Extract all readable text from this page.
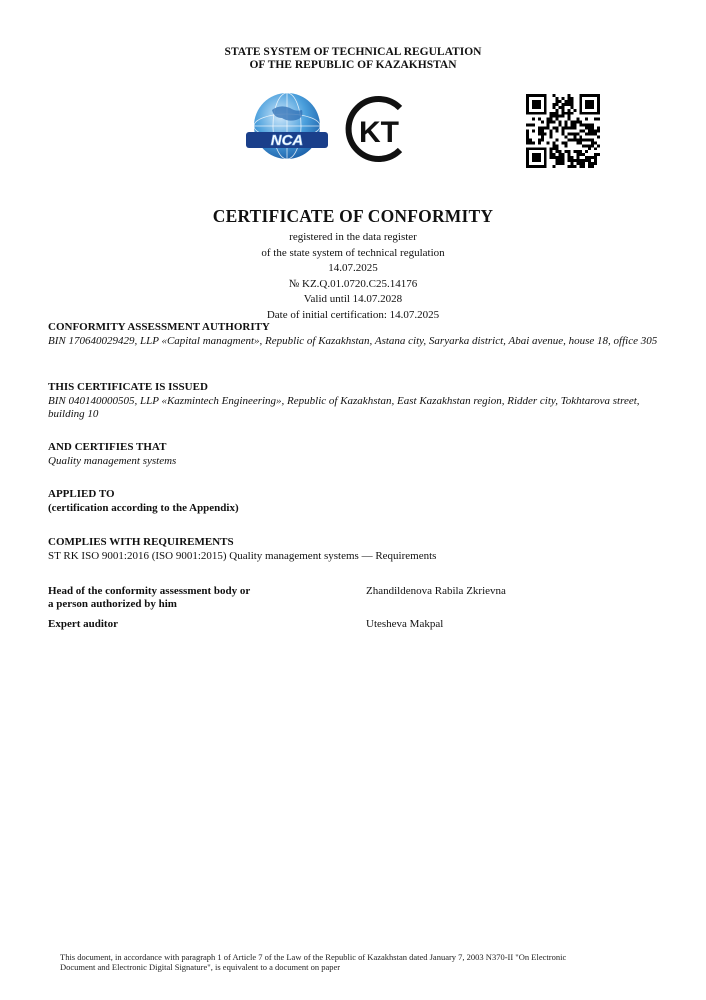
STATE SYSTEM OF TECHNICAL REGULATION
OF THE REPUBLIC OF KAZAKHSTAN
NCA KT
CERTIFICATE OF CONFORMITY
registered in the data register
of the state system of technical regulation
14.07.2025
№ KZ.Q.01.0720.C25.14176
Valid until 14.07.2028
Date of initial certification: 14.07.2025
CONFORMITY ASSESSMENT AUTHORITY
BIN 170640029429, LLP «Capital managment», Republic of Kazakhstan, Astana city, Saryarka district, Abai avenue, house 18, office 305
THIS CERTIFICATE IS ISSUED
BIN 040140000505, LLP «Kazmintech Engineering», Republic of Kazakhstan, East Kazakhstan region, Ridder city, Tokhtarova street, building 10
AND CERTIFIES THAT
Quality management systems
APPLIED TO
(certification according to the Appendix)
COMPLIES WITH REQUIREMENTS
ST RK ISO 9001:2016 (ISO 9001:2015) Quality management systems — Requirements
Head of the conformity assessment body or
a person authorized by him
Zhandildenova Rabila Zkrievna
Expert auditor	Utesheva Makpal
This document, in accordance with paragraph 1 of Article 7 of the Law of the Republic of Kazakhstan dated January 7, 2003 N370-II "On Electronic
Document and Electronic Digital Signature", is equivalent to a document on paper
